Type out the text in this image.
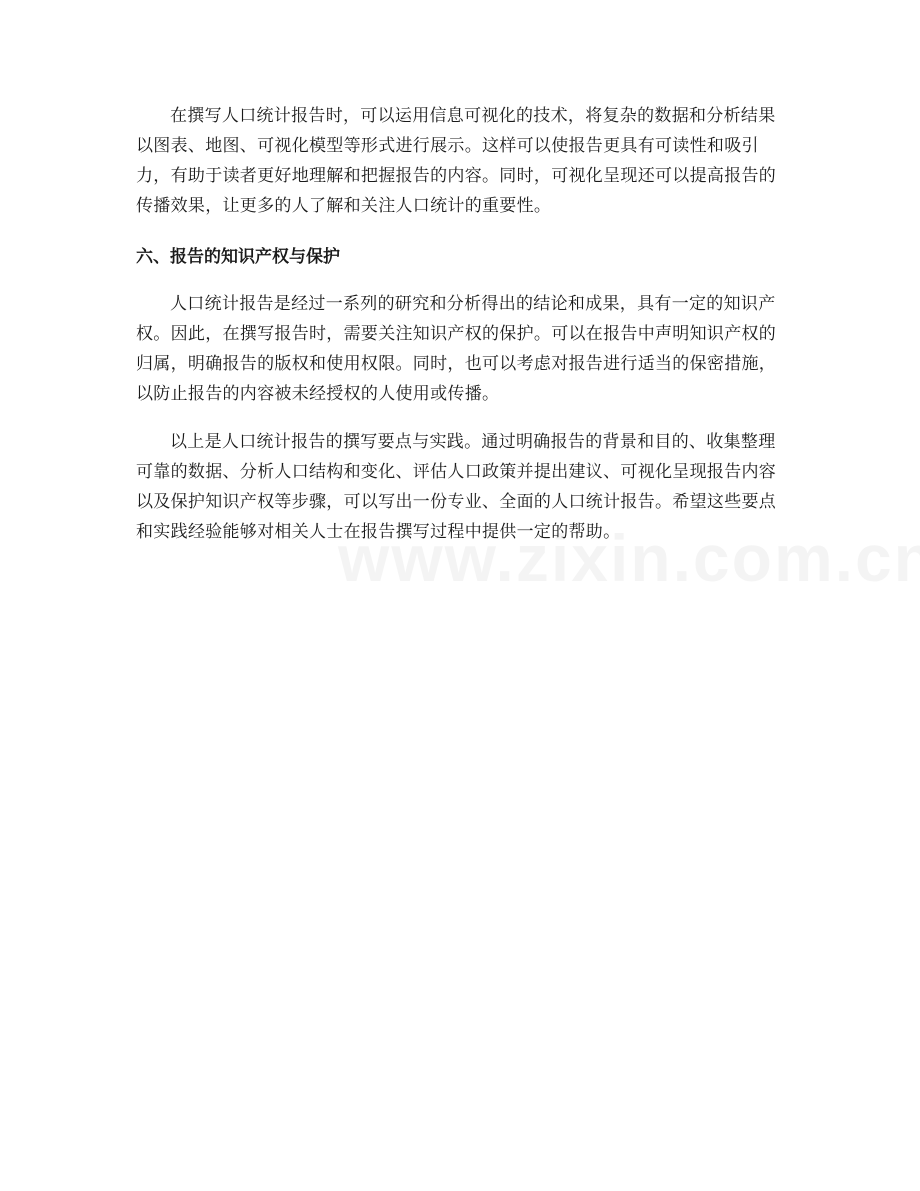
在撰写人口统计报告时，可以运用信息可视化的技术，将复杂的数据和分析结果以图表、地图、可视化模型等形式进行展示。这样可以使报告更具有可读性和吸引力，有助于读者更好地理解和把握报告的内容。同时，可视化呈现还可以提高报告的传播效果，让更多的人了解和关注人口统计的重要性。

六、报告的知识产权与保护

人口统计报告是经过一系列的研究和分析得出的结论和成果，具有一定的知识产权。因此，在撰写报告时，需要关注知识产权的保护。可以在报告中声明知识产权的归属，明确报告的版权和使用权限。同时，也可以考虑对报告进行适当的保密措施，以防止报告的内容被未经授权的人使用或传播。

以上是人口统计报告的撰写要点与实践。通过明确报告的背景和目的、收集整理可靠的数据、分析人口结构和变化、评估人口政策并提出建议、可视化呈现报告内容以及保护知识产权等步骤，可以写出一份专业、全面的人口统计报告。希望这些要点和实践经验能够对相关人士在报告撰写过程中提供一定的帮助。
